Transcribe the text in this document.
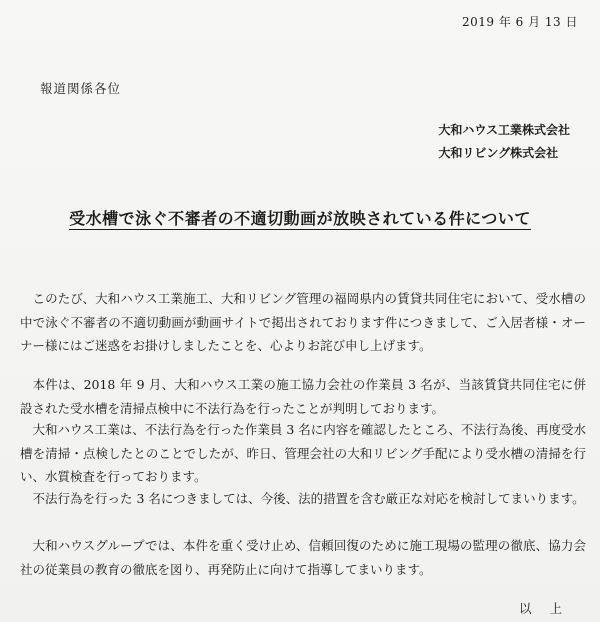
2019 年 6 月 13 日
報道関係各位
大和ハウス工業株式会社
大和リビング株式会社
受水槽で泳ぐ不審者の不適切動画が放映されている件について
このたび、大和ハウス工業施工、大和リビング管理の福岡県内の賃貸共同住宅において、受水槽の中で泳ぐ不審者の不適切動画が動画サイトで掲出されております件につきまして、ご入居者様・オーナー様にはご迷惑をお掛けしましたことを、心よりお詫び申し上げます。
本件は、2018 年 9 月、大和ハウス工業の施工協力会社の作業員 3 名が、当該賃貸共同住宅に併設された受水槽を清掃点検中に不法行為を行ったことが判明しております。
大和ハウス工業は、不法行為を行った作業員 3 名に内容を確認したところ、不法行為後、再度受水槽を清掃・点検したとのことでしたが、昨日、管理会社の大和リビング手配により受水槽の清掃を行い、水質検査を行っております。
不法行為を行った 3 名につきましては、今後、法的措置を含む厳正な対応を検討してまいります。
大和ハウスグループでは、本件を重く受け止め、信頼回復のために施工現場の監理の徹底、協力会社の従業員の教育の徹底を図り、再発防止に向けて指導してまいります。
以上
